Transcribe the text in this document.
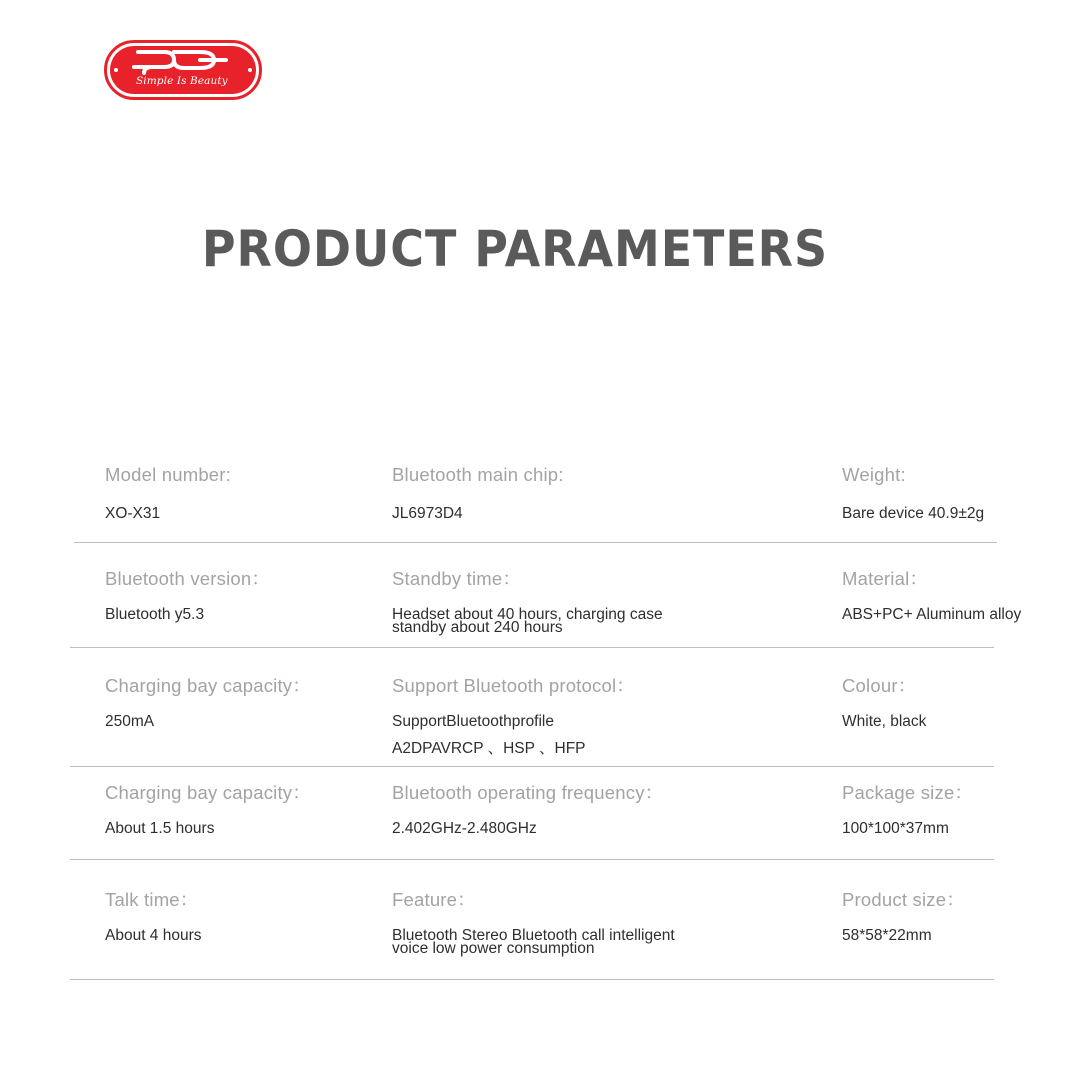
Simple Is Beauty
PRODUCT PARAMETERS
Model number:
XO-X31
Bluetooth main chip:
JL6973D4
Weight:
Bare device 40.9±2g
Bluetooth version：
Bluetooth y5.3
Standby time：
Headset about 40 hours, charging case
standby about 240 hours
Material：
ABS+PC+ Aluminum alloy
Charging bay capacity：
250mA
Support Bluetooth protocol：
SupportBluetoothprofile
A2DPAVRCP 、HSP 、HFP
Colour：
White, black
Charging bay capacity：
About 1.5 hours
Bluetooth operating frequency：
2.402GHz-2.480GHz
Package size：
100*100*37mm
Talk time：
About 4 hours
Feature：
Bluetooth Stereo Bluetooth call intelligent
voice low power consumption
Product size：
58*58*22mm
